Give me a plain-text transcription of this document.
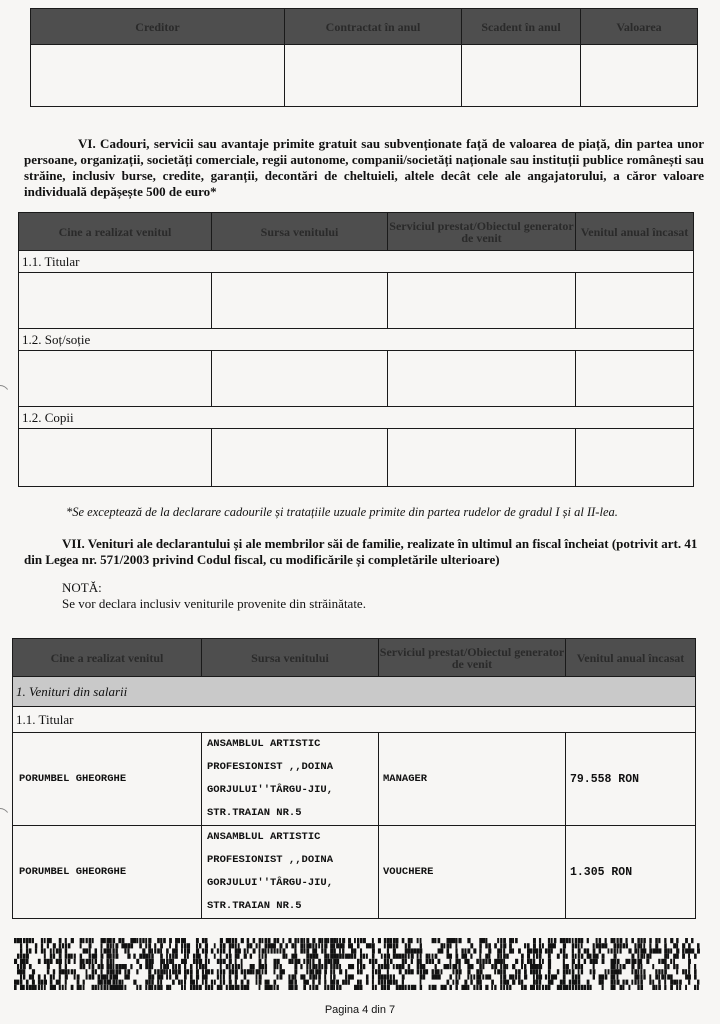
Creditor	Contractat în anul	Scadent în anul	Valoarea

VI. Cadouri, servicii sau avantaje primite gratuit sau subvenționate față de valoarea de piață, din partea unor persoane, organizații, societăți comerciale, regii autonome, companii/societăți naționale sau instituții publice românești sau străine, inclusiv burse, credite, garanții, decontări de cheltuieli, altele decât cele ale angajatorului, a căror valoare individuală depășește 500 de euro*
Cine a realizat venitul	Sursa venitului	Serviciul prestat/Obiectul generator de venit	Venitul anual încasat
1.1. Titular			

1.2. Soț/soție			

1.2. Copii			

*Se exceptează de la declarare cadourile și tratațiile uzuale primite din partea rudelor de gradul I și al II-lea.
VII. Venituri ale declarantului și ale membrilor săi de familie, realizate în ultimul an fiscal încheiat (potrivit art. 41 din Legea nr. 571/2003 privind Codul fiscal, cu modificările și completările ulterioare)
NOTĂ:
Se vor declara inclusiv veniturile provenite din străinătate.
Cine a realizat venitul	Sursa venitului	Serviciul prestat/Obiectul generator de venit	Venitul anual încasat
1. Venituri din salarii			
1.1. Titular			
PORUMBEL GHEORGHE	ANSAMBLUL ARTISTIC
PROFESIONIST ,,DOINA
GORJULUI''TÂRGU-JIU,
STR.TRAIAN NR.5	MANAGER	79.558 RON
PORUMBEL GHEORGHE	ANSAMBLUL ARTISTIC
PROFESIONIST ,,DOINA
GORJULUI''TÂRGU-JIU,
STR.TRAIAN NR.5	VOUCHERE	1.305 RON
Pagina 4 din 7
